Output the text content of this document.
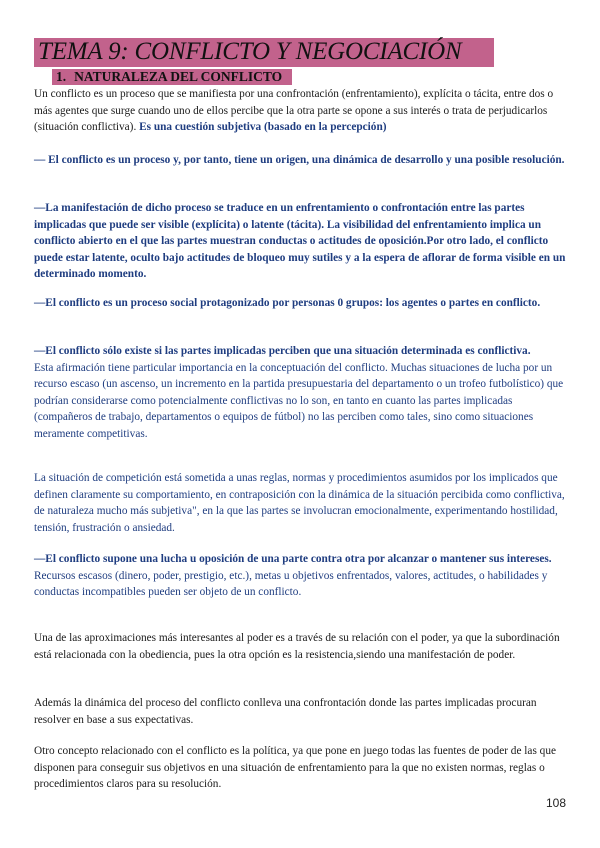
TEMA 9: CONFLICTO Y NEGOCIACIÓN
1. NATURALEZA DEL CONFLICTO
Un conflicto es un proceso que se manifiesta por una confrontación (enfrentamiento), explícita o tácita, entre dos o más agentes que surge cuando uno de ellos percibe que la otra parte se opone a sus interés o trata de perjudicarlos (situación conflictiva). Es una cuestión subjetiva (basado en la percepción)
— El conflicto es un proceso y, por tanto, tiene un origen, una dinámica de desarrollo y una posible resolución.
—La manifestación de dicho proceso se traduce en un enfrentamiento o confrontación entre las partes implicadas que puede ser visible (explícita) o latente (tácita). La visibilidad del enfrentamiento implica un conflicto abierto en el que las partes muestran conductas o actitudes de oposición.Por otro lado, el conflicto puede estar latente, oculto bajo actitudes de bloqueo muy sutiles y a la espera de aflorar de forma visible en un determinado momento.
—El conflicto es un proceso social protagonizado por personas 0 grupos: los agentes o partes en conflicto.
—El conflicto sólo existe si las partes implicadas perciben que una situación determinada es conflictiva.
Esta afirmación tiene particular importancia en la conceptuación del conflicto. Muchas situaciones de lucha por un recurso escaso (un ascenso, un incremento en la partida presupuestaria del departamento o un trofeo futbolístico) que podrían considerarse como potencialmente conflictivas no lo son, en tanto en cuanto las partes implicadas (compañeros de trabajo, departamentos o equipos de fútbol) no las perciben como tales, sino como situaciones meramente competitivas.
La situación de competición está sometida a unas reglas, normas y procedimientos asumidos por los implicados que definen claramente su comportamiento, en contraposición con la dinámica de la situación percibida como conflictiva, de naturaleza mucho más subjetiva", en la que las partes se involucran emocionalmente, experimentando hostilidad, tensión, frustración o ansiedad.
—El conflicto supone una lucha u oposición de una parte contra otra por alcanzar o mantener sus intereses.
Recursos escasos (dinero, poder, prestigio, etc.), metas u objetivos enfrentados, valores, actitudes, o habilidades y conductas incompatibles pueden ser objeto de un conflicto.
Una de las aproximaciones más interesantes al poder es a través de su relación con el poder, ya que la subordinación está relacionada con la obediencia, pues la otra opción es la resistencia,siendo una manifestación de poder.
Además la dinámica del proceso del conflicto conlleva una confrontación donde las partes implicadas procuran resolver en base a sus expectativas.
Otro concepto relacionado con el conflicto es la política, ya que pone en juego todas las fuentes de poder de las que disponen para conseguir sus objetivos en una situación de enfrentamiento para la que no existen normas, reglas o procedimientos claros para su resolución.
108
